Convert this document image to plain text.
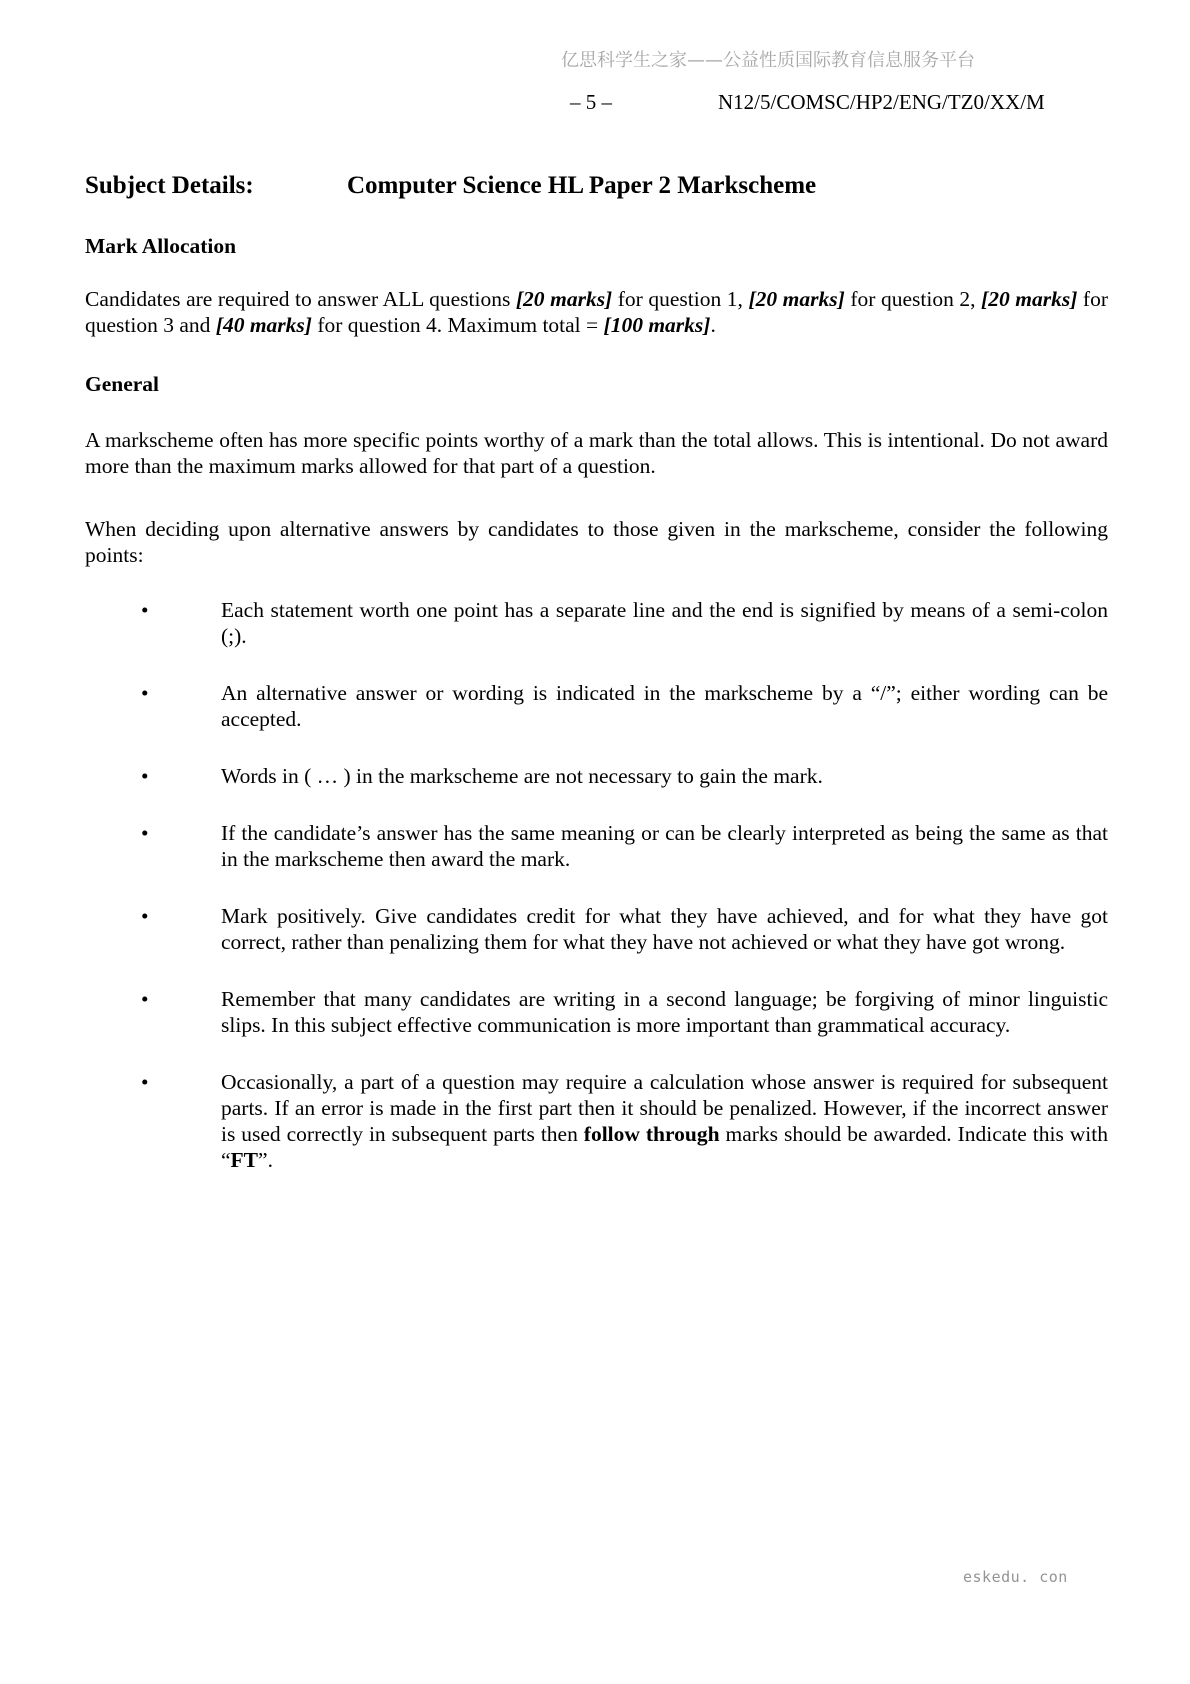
亿思科学生之家——公益性质国际教育信息服务平台
– 5 –	N12/5/COMSC/HP2/ENG/TZ0/XX/M
Subject Details:	Computer Science HL Paper 2 Markscheme
Mark Allocation

Candidates are required to answer ALL questions [20 marks] for question 1, [20 marks] for question 2, [20 marks] for question 3 and [40 marks] for question 4. Maximum total = [100 marks].

General

A markscheme often has more specific points worthy of a mark than the total allows. This is intentional. Do not award more than the maximum marks allowed for that part of a question.

When deciding upon alternative answers by candidates to those given in the markscheme, consider the following points:

•	Each statement worth one point has a separate line and the end is signified by means of a semi-colon (;).
•	An alternative answer or wording is indicated in the markscheme by a “/”; either wording can be accepted.
•	Words in ( … ) in the markscheme are not necessary to gain the mark.
•	If the candidate’s answer has the same meaning or can be clearly interpreted as being the same as that in the markscheme then award the mark.
•	Mark positively. Give candidates credit for what they have achieved, and for what they have got correct, rather than penalizing them for what they have not achieved or what they have got wrong.
•	Remember that many candidates are writing in a second language; be forgiving of minor linguistic slips. In this subject effective communication is more important than grammatical accuracy.
•	Occasionally, a part of a question may require a calculation whose answer is required for subsequent parts. If an error is made in the first part then it should be penalized. However, if the incorrect answer is used correctly in subsequent parts then follow through marks should be awarded. Indicate this with “FT”.
eskedu. con
